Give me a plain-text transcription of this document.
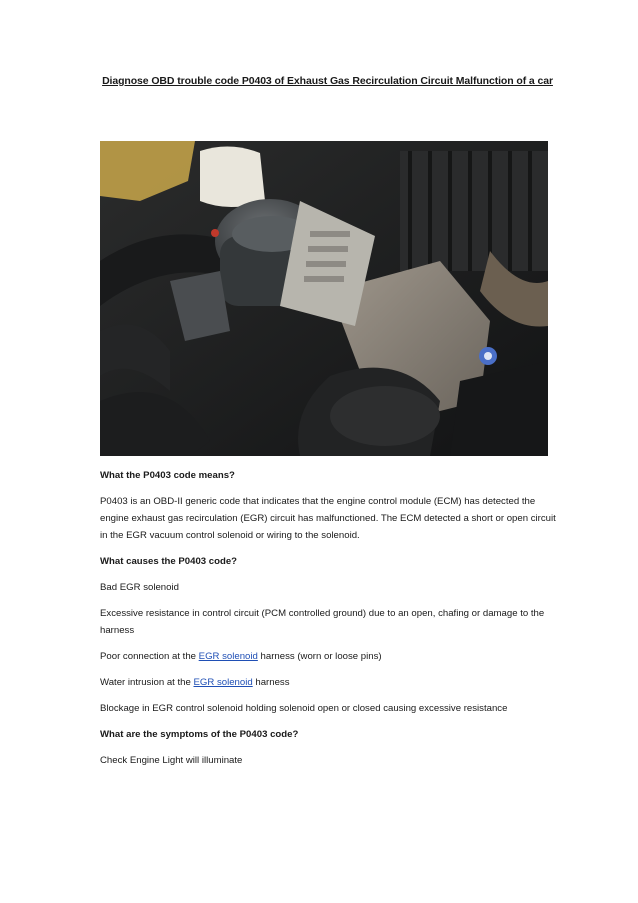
Diagnose OBD trouble code P0403 of Exhaust Gas Recirculation Circuit Malfunction of a car

What the P0403 code means?

P0403 is an OBD-II generic code that indicates that the engine control module (ECM) has detected the engine exhaust gas recirculation (EGR) circuit has malfunctioned. The ECM detected a short or open circuit in the EGR vacuum control solenoid or wiring to the solenoid.

What causes the P0403 code?

Bad EGR solenoid

Excessive resistance in control circuit (PCM controlled ground) due to an open, chafing or damage to the harness

Poor connection at the EGR solenoid harness (worn or loose pins)

Water intrusion at the EGR solenoid harness

Blockage in EGR control solenoid holding solenoid open or closed causing excessive resistance

What are the symptoms of the P0403 code?

Check Engine Light will illuminate
